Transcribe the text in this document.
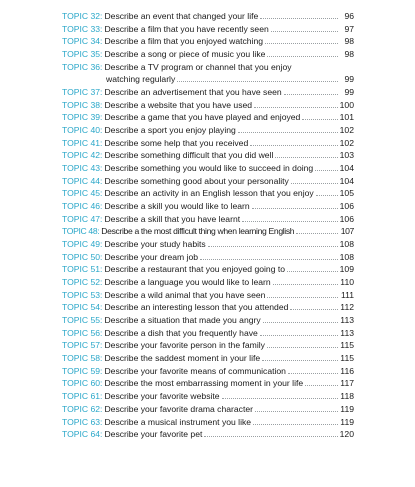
TOPIC 32: Describe an event that changed your life	96
TOPIC 33: Describe a film that you have recently seen	97
TOPIC 34: Describe a film that you enjoyed watching	98
TOPIC 35: Describe a song or piece of music you like	98
TOPIC 36: Describe a TV program or channel that you enjoy
watching regularly	99
TOPIC 37: Describe an advertisement that you have seen	99
TOPIC 38: Describe a website that you have used	100
TOPIC 39: Describe a game that you have played and enjoyed	101
TOPIC 40: Describe a sport you enjoy playing	102
TOPIC 41: Describe some help that you received	102
TOPIC 42: Describe something difficult that you did well	103
TOPIC 43: Describe something you would like to succeed in doing	104
TOPIC 44: Describe something good about your personality	104
TOPIC 45: Describe an activity in an English lesson that you enjoy	105
TOPIC 46: Describe a skill you would like to learn	106
TOPIC 47: Describe a skill that you have learnt	106
TOPIC 48: Describe a the most difficult thing when learning English	107
TOPIC 49: Describe your study habits	108
TOPIC 50: Describe your dream job	108
TOPIC 51: Describe a restaurant that you enjoyed going to	109
TOPIC 52: Describe a language you would like to learn	110
TOPIC 53: Describe a wild animal that you have seen	111
TOPIC 54: Describe an interesting lesson that you attended	112
TOPIC 55: Describe a situation that made you angry	113
TOPIC 56: Describe a dish that you frequently have	113
TOPIC 57: Describe your favorite person in the family	115
TOPIC 58: Describe the saddest moment in your life	115
TOPIC 59: Describe your favorite means of communication	116
TOPIC 60: Describe the most embarrassing moment in your life	117
TOPIC 61: Describe your favorite website	118
TOPIC 62: Describe your favorite drama character	119
TOPIC 63: Describe a musical instrument you like	119
TOPIC 64: Describe your favorite pet	120
